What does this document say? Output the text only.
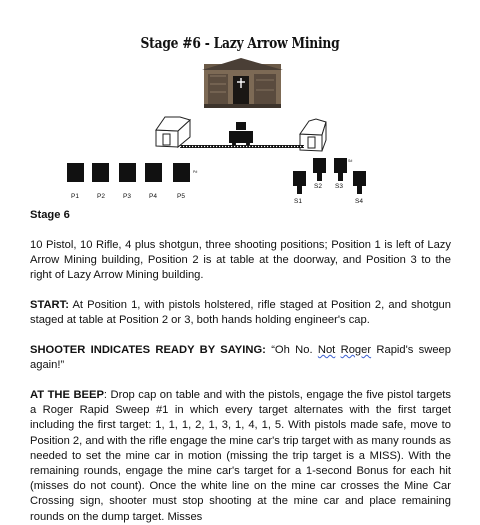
Stage #6 - Lazy Arrow Mining
P1	P2	P3	P4	P5
P#
S1
S2 S3
S4
S#
Stage 6
10 Pistol, 10 Rifle, 4 plus shotgun, three shooting positions; Position 1 is left of Lazy Arrow Mining building, Position 2 is at table at the doorway, and Position 3 to the right of Lazy Arrow Mining building.
START: At Position 1, with pistols holstered, rifle staged at Position 2, and shotgun staged at table at Position 2 or 3, both hands holding engineer's cap.
SHOOTER INDICATES READY BY SAYING: “Oh No. Not Roger Rapid's sweep again!”
AT THE BEEP: Drop cap on table and with the pistols, engage the five pistol targets a Roger Rapid Sweep #1 in which every target alternates with the first target including the first target: 1, 1, 1, 2, 1, 3, 1, 4, 1, 5. With pistols made safe, move to Position 2, and with the rifle engage the mine car's trip target with as many rounds as needed to set the mine car in motion (missing the trip target is a MISS). With the remaining rounds, engage the mine car's target for a 1-second Bonus for each hit (misses do not count). Once the white line on the mine car crosses the Mine Car Crossing sign, shooter must stop shooting at the mine car and place remaining rounds on the dump target. Misses
